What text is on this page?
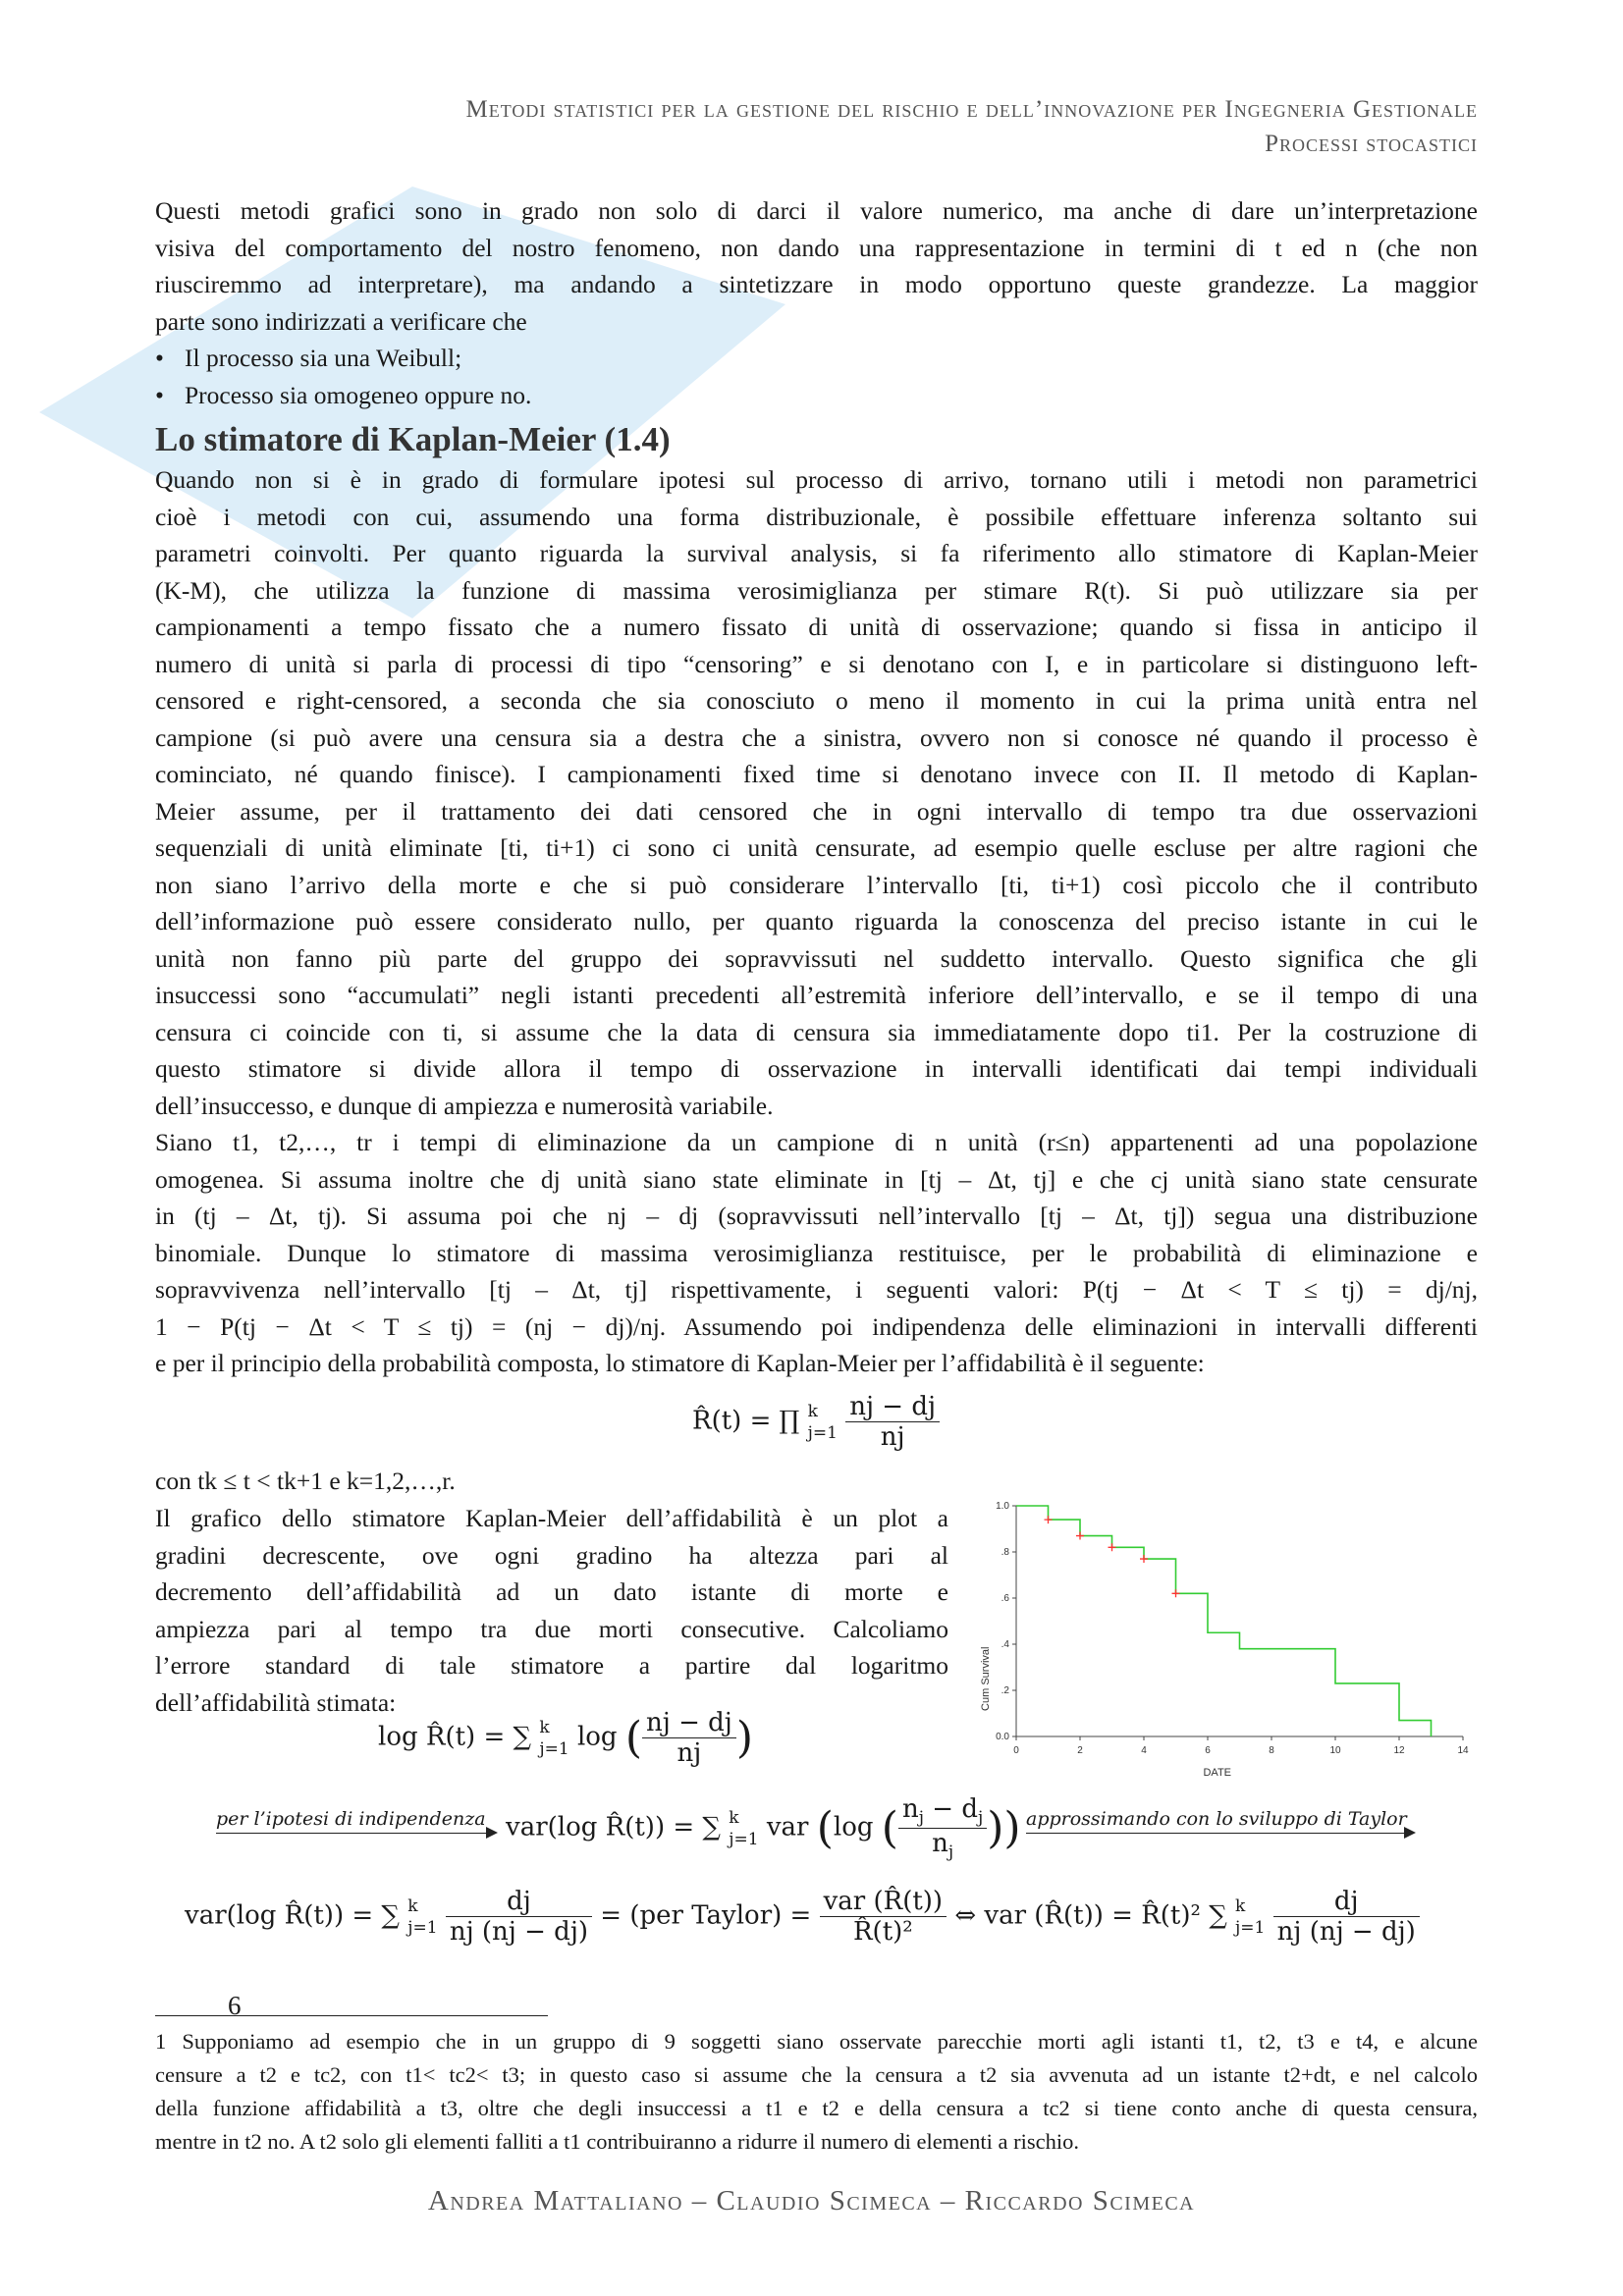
Metodi statistici per la gestione del rischio e dell’innovazione per Ingegneria Gestionale
Processi stocastici
Questi metodi grafici sono in grado non solo di darci il valore numerico, ma anche di dare un’interpretazione
visiva del comportamento del nostro fenomeno, non dando una rappresentazione in termini di t ed n (che non
riusciremmo ad interpretare), ma andando a sintetizzare in modo opportuno queste grandezze. La maggior
parte sono indirizzati a verificare che
• Il processo sia una Weibull;
• Processo sia omogeneo oppure no.
Lo stimatore di Kaplan-Meier (1.4)
Quando non si è in grado di formulare ipotesi sul processo di arrivo, tornano utili i metodi non parametrici
cioè i metodi con cui, assumendo una forma distribuzionale, è possibile effettuare inferenza soltanto sui
parametri coinvolti. Per quanto riguarda la survival analysis, si fa riferimento allo stimatore di Kaplan-Meier
(K-M), che utilizza la funzione di massima verosimiglianza per stimare R(t). Si può utilizzare sia per
campionamenti a tempo fissato che a numero fissato di unità di osservazione; quando si fissa in anticipo il
numero di unità si parla di processi di tipo “censoring” e si denotano con I, e in particolare si distinguono left-
censored e right-censored, a seconda che sia conosciuto o meno il momento in cui la prima unità entra nel
campione (si può avere una censura sia a destra che a sinistra, ovvero non si conosce né quando il processo è
cominciato, né quando finisce). I campionamenti fixed time si denotano invece con II. Il metodo di Kaplan-
Meier assume, per il trattamento dei dati censored che in ogni intervallo di tempo tra due osservazioni
sequenziali di unità eliminate [ti, ti+1) ci sono ci unità censurate, ad esempio quelle escluse per altre ragioni che
non siano l’arrivo della morte e che si può considerare l’intervallo [ti, ti+1) così piccolo che il contributo
dell’informazione può essere considerato nullo, per quanto riguarda la conoscenza del preciso istante in cui le
unità non fanno più parte del gruppo dei sopravvissuti nel suddetto intervallo. Questo significa che gli
insuccessi sono “accumulati” negli istanti precedenti all’estremità inferiore dell’intervallo, e se il tempo di una
censura ci coincide con ti, si assume che la data di censura sia immediatamente dopo ti1. Per la costruzione di
questo stimatore si divide allora il tempo di osservazione in intervalli identificati dai tempi individuali
dell’insuccesso, e dunque di ampiezza e numerosità variabile.
Siano t1, t2,…, tr i tempi di eliminazione da un campione di n unità (r≤n) appartenenti ad una popolazione
omogenea. Si assuma inoltre che dj unità siano state eliminate in [tj – Δt, tj] e che cj unità siano state censurate
in (tj – Δt, tj). Si assuma poi che nj – dj (sopravvissuti nell’intervallo [tj – Δt, tj]) segua una distribuzione
binomiale. Dunque lo stimatore di massima verosimiglianza restituisce, per le probabilità di eliminazione e
sopravvivenza nell’intervallo [tj – Δt, tj] rispettivamente, i seguenti valori: P(tj − Δt < T ≤ tj) = dj/nj,
1 − P(tj − Δt < T ≤ tj) = (nj − dj)/nj. Assumendo poi indipendenza delle eliminazioni in intervalli differenti
e per il principio della probabilità composta, lo stimatore di Kaplan-Meier per l’affidabilità è il seguente:
R̂(t) = ∏ k
$j=1 \frac{nj - dj}{nj}$
con tk ≤ t < tk+1 e k=1,2,…,r.
Il grafico dello stimatore Kaplan-Meier dell’affidabilità è un plot a
gradini decrescente, ove ogni gradino ha altezza pari al
decremento dell’affidabilità ad un dato istante di morte e
ampiezza pari al tempo tra due morti consecutive. Calcoliamo
l’errore standard di tale stimatore a partire dal logaritmo
dell’affidabilità stimata:
0	2	4	6	8	10	12	14
0.0
.2
.4
.6
.8
1.0
DATE
Cum Survival
log R̂(t) = ∑ k
j=1 log ( $\frac{nj - dj}{nj}$ )
per l’ipotesi di indipendenza var(log R̂(t)) = ∑ k
j=1 var (log ( $\frac{n_j - d_j}{n_j}$ )) approssimando con lo sviluppo di Taylor
var(log R̂(t)) = ∑ k
$j=1 \frac{dj}{nj (nj - dj)} = (per$ Taylor) = $\frac{\text{var (R̂(t))}}{\text{R̂(t)²}}$ ⇔ var (R̂(t)) = R̂(t)² ∑ k
$j=1 \frac{dj}{nj (nj - dj)}$
6
1 Supponiamo ad esempio che in un gruppo di 9 soggetti siano osservate parecchie morti agli istanti t1, t2, t3 e t4, e alcune
censure a t2 e tc2, con t1< tc2< t3; in questo caso si assume che la censura a t2 sia avvenuta ad un istante t2+dt, e nel calcolo
della funzione affidabilità a t3, oltre che degli insuccessi a t1 e t2 e della censura a tc2 si tiene conto anche di questa censura,
mentre in t2 no. A t2 solo gli elementi falliti a t1 contribuiranno a ridurre il numero di elementi a rischio.
Andrea Mattaliano – Claudio Scimeca – Riccardo Scimeca
